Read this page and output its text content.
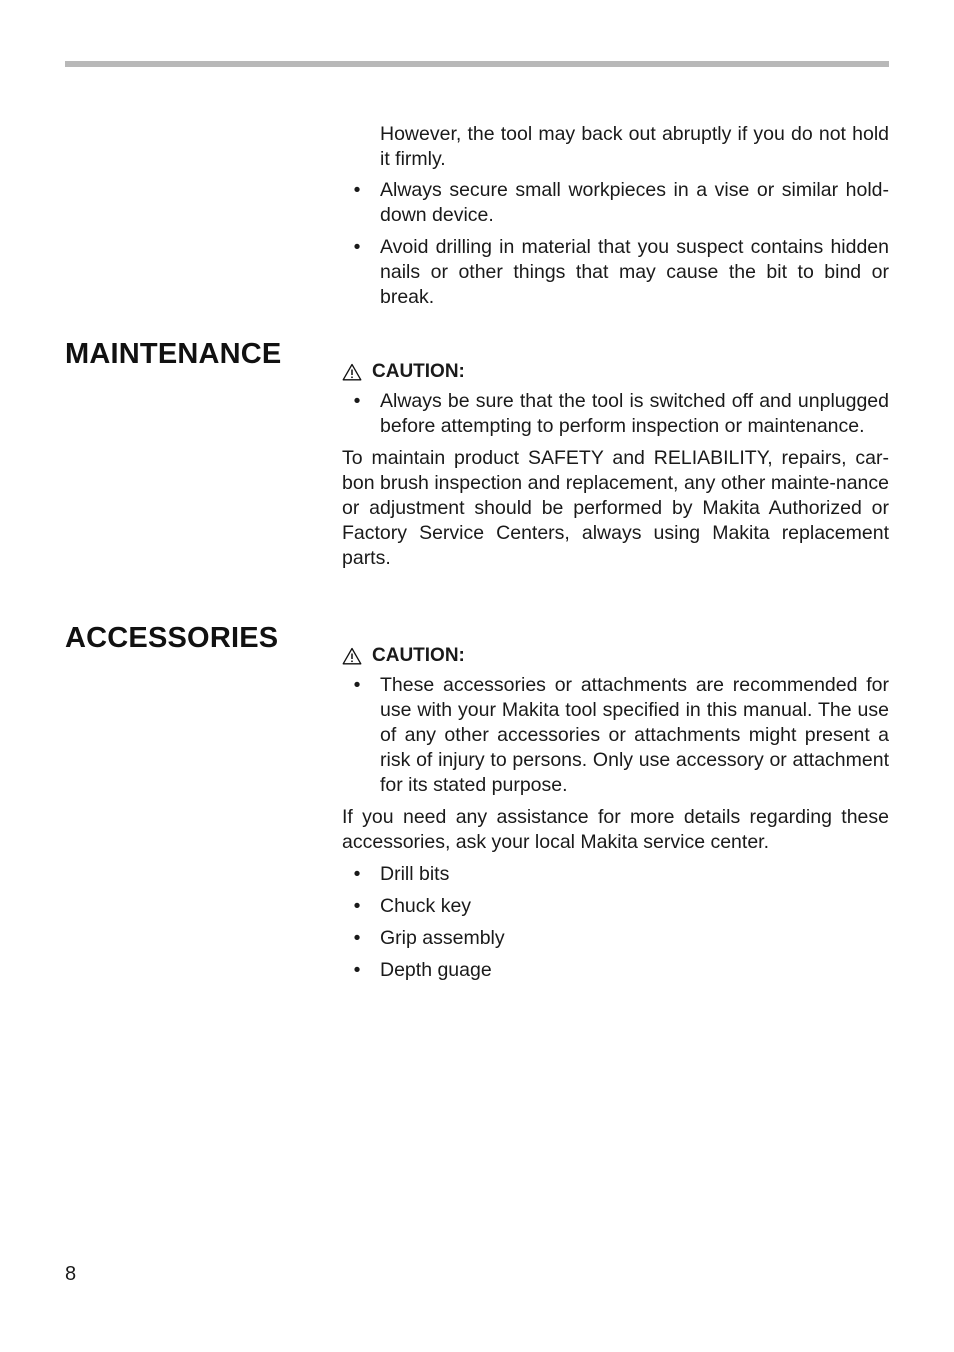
However, the tool may back out abruptly if you do not hold it firmly.

• Always secure small workpieces in a vise or similar hold-down device.
• Avoid drilling in material that you suspect contains hidden nails or other things that may cause the bit to bind or break.
MAINTENANCE
CAUTION:
• Always be sure that the tool is switched off and unplugged before attempting to perform inspection or maintenance.

To maintain product SAFETY and RELIABILITY, repairs, car-bon brush inspection and replacement, any other mainte-nance or adjustment should be performed by Makita Authorized or Factory Service Centers, always using Makita replacement parts.

ACCESSORIES
CAUTION:
• These accessories or attachments are recommended for use with your Makita tool specified in this manual. The use of any other accessories or attachments might present a risk of injury to persons. Only use accessory or attachment for its stated purpose.

If you need any assistance for more details regarding these accessories, ask your local Makita service center.

• Drill bits
• Chuck key
• Grip assembly
• Depth guage
8
